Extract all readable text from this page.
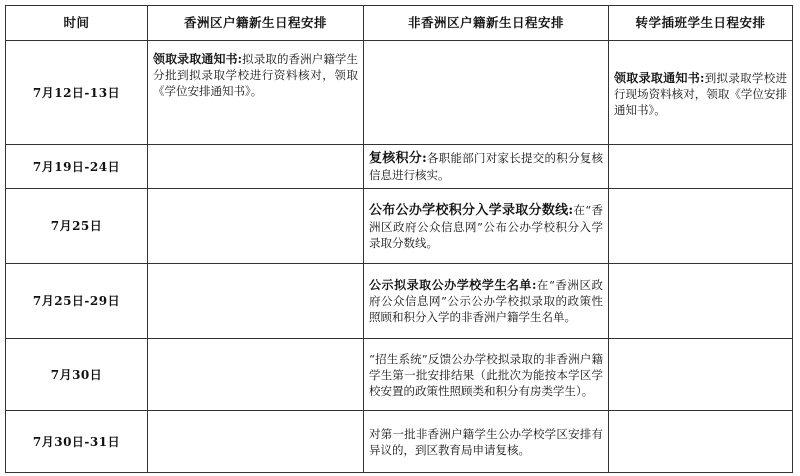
时间	香洲区户籍新生日程安排	非香洲区户籍新生日程安排	转学插班学生日程安排
7月12日-13日	领取录取通知书:拟录取的香洲户籍学生分批到拟录取学校进行资料核对，领取《学位安排通知书》。		领取录取通知书:到拟录取学校进行现场资料核对，领取《学位安排通知书》。
7月19日-24日		复核积分:各职能部门对家长提交的积分复核信息进行核实。	
7月25日		公布公办学校积分入学录取分数线:在“香洲区政府公众信息网”公布公办学校积分入学录取分数线。	
7月25日-29日		公示拟录取公办学校学生名单:在“香洲区政府公众信息网”公示公办学校拟录取的政策性照顾和积分入学的非香洲户籍学生名单。	
7月30日		“招生系统”反馈公办学校拟录取的非香洲户籍学生第一批安排结果（此批次为能按本学区学校安置的政策性照顾类和积分有房类学生）。	
7月30日-31日		对第一批非香洲户籍学生公办学校学区安排有异议的，到区教育局申请复核。	
